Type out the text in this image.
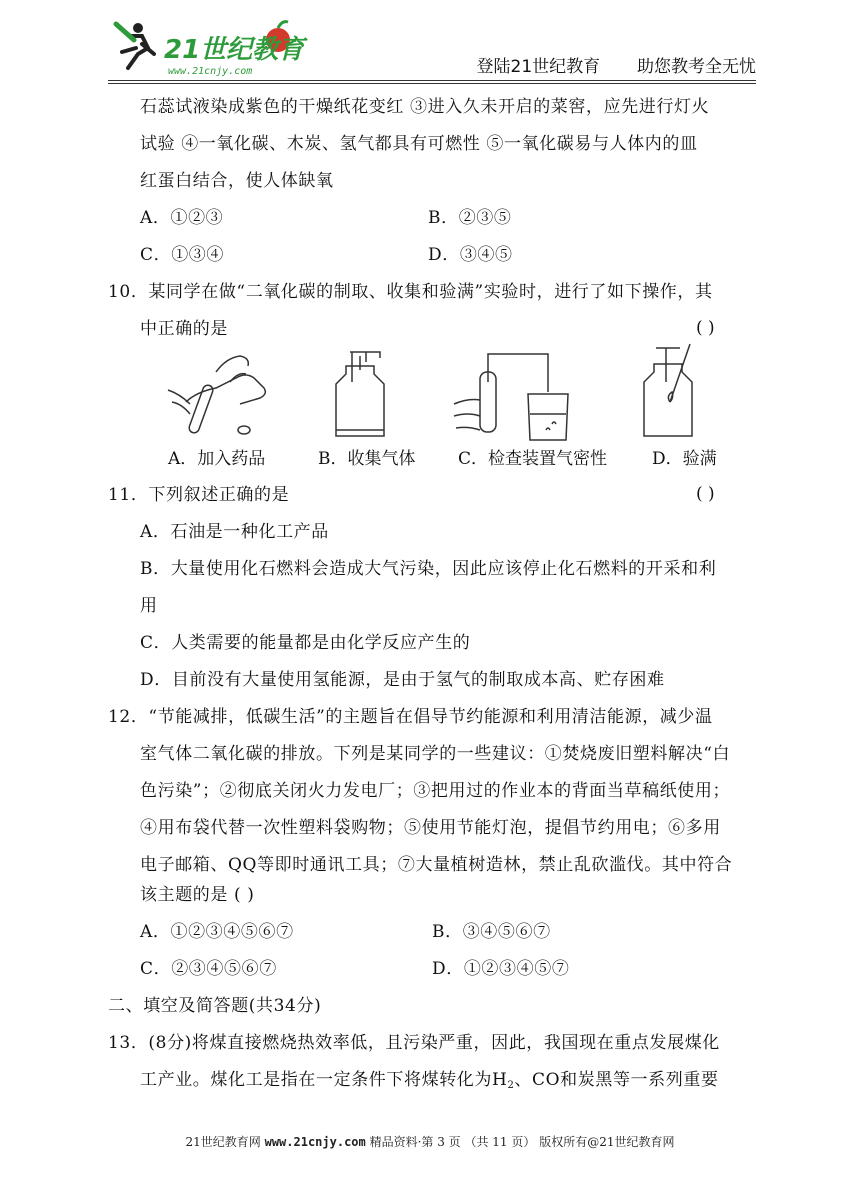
21世纪教育
www.21cnjy.com	登陆21世纪教育 助您教考全无忧
石蕊试液染成紫色的干燥纸花变红 ③进入久未开启的菜窖，应先进行灯火
试验 ④一氧化碳、木炭、氢气都具有可燃性 ⑤一氧化碳易与人体内的皿
红蛋白结合，使人体缺氧
A．①②③	B．②③⑤
C．①③④	D．③④⑤
10．某同学在做“二氧化碳的制取、收集和验满”实验时，进行了如下操作，其
中正确的是	( )
A．加入药品	B．收集气体	C．检查装置气密性	D．验满
11．下列叙述正确的是	( )
A．石油是一种化工产品
B．大量使用化石燃料会造成大气污染，因此应该停止化石燃料的开采和利
用
C．人类需要的能量都是由化学反应产生的
D．目前没有大量使用氢能源，是由于氢气的制取成本高、贮存困难
12．“节能减排，低碳生活”的主题旨在倡导节约能源和利用清洁能源，减少温
室气体二氧化碳的排放。下列是某同学的一些建议：①焚烧废旧塑料解决“白
色污染”；②彻底关闭火力发电厂；③把用过的作业本的背面当草稿纸使用；
④用布袋代替一次性塑料袋购物；⑤使用节能灯泡，提倡节约用电；⑥多用
电子邮箱、QQ等即时通讯工具；⑦大量植树造林，禁止乱砍滥伐。其中符合
该主题的是 ( )
A．①②③④⑤⑥⑦	B．③④⑤⑥⑦
C．②③④⑤⑥⑦	D．①②③④⑤⑦
二、填空及简答题(共34分)
13．(8分)将煤直接燃烧热效率低，且污染严重，因此，我国现在重点发展煤化
工产业。煤化工是指在一定条件下将煤转化为$H_2$、CO和炭黑等一系列重要
21世纪教育网 www.21cnjy.com 精品资料·第 3 页 （共 11 页） 版权所有@21世纪教育网
